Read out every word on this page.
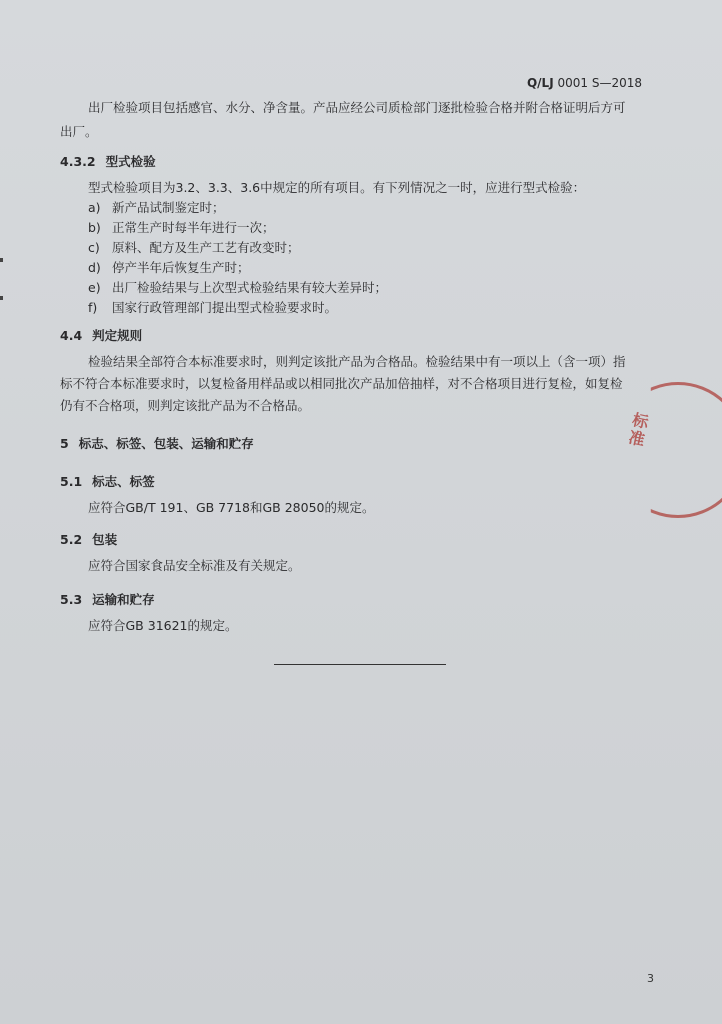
Q/LJ 0001 S—2018
出厂检验项目包括感官、水分、净含量。产品应经公司质检部门逐批检验合格并附合格证明后方可
出厂。
4.3.2 型式检验
型式检验项目为3.2、3.3、3.6中规定的所有项目。有下列情况之一时，应进行型式检验：
a) 新产品试制鉴定时；
b) 正常生产时每半年进行一次；
c) 原料、配方及生产工艺有改变时；
d) 停产半年后恢复生产时；
e) 出厂检验结果与上次型式检验结果有较大差异时；
f) 国家行政管理部门提出型式检验要求时。
4.4 判定规则
检验结果全部符合本标准要求时，则判定该批产品为合格品。检验结果中有一项以上（含一项）指
标不符合本标准要求时，以复检备用样品或以相同批次产品加倍抽样，对不合格项目进行复检，如复检
仍有不合格项，则判定该批产品为不合格品。
5 标志、标签、包装、运输和贮存
5.1 标志、标签
应符合GB/T 191、GB 7718和GB 28050的规定。
5.2 包装
应符合国家食品安全标准及有关规定。
5.3 运输和贮存
应符合GB 31621的规定。
标准
3
